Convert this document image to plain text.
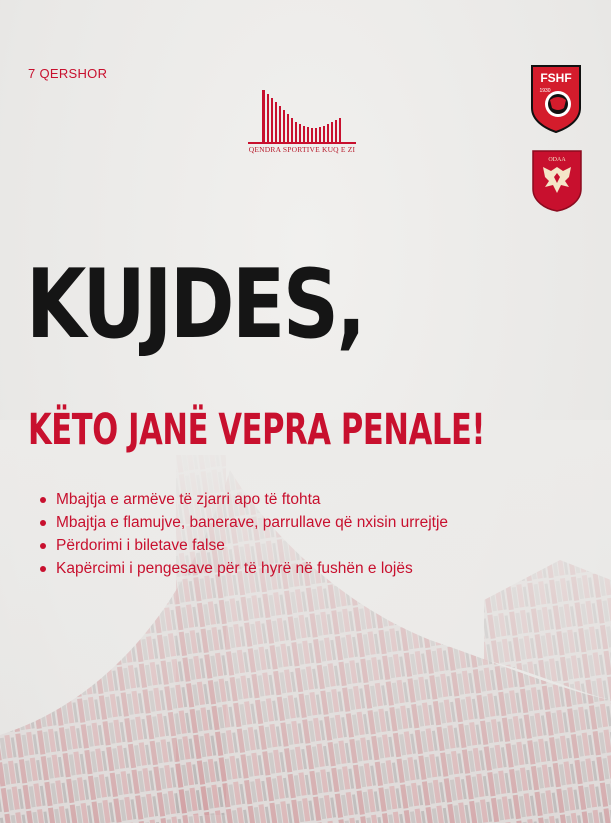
7 QERSHOR
QENDRA SPORTIVE KUQ E ZI
FSHF
1930
ODAA
KUJDES,
KËTO JANË VEPRA PENALE!
Mbajtja e armëve të zjarri apo të ftohta
Mbajtja e flamujve, banerave, parrullave që nxisin urrejtje
Përdorimi i biletave false
Kapërcimi i pengesave për të hyrë në fushën e lojës
